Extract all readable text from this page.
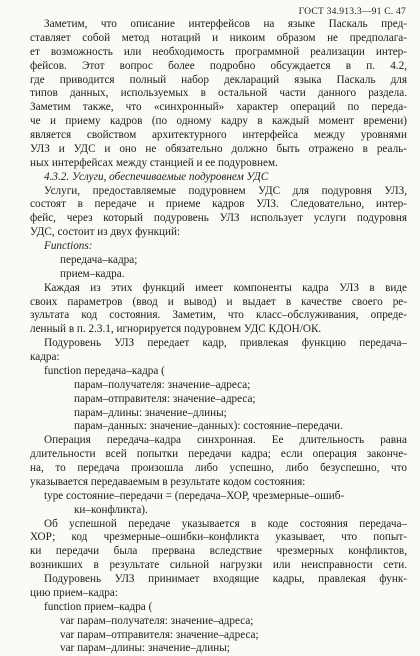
ГОСТ 34.913.3—91 С. 47
Заметим, что описание интерфейсов на языке Паскаль пред-
ставляет собой метод нотаций и никоим образом не предполага-
ет возможность или необходимость программной реализации интер-
фейсов. Этот вопрос более подробно обсуждается в п. 4.2,
где приводится полный набор деклараций языка Паскаль для
типов данных, используемых в остальной части данного раздела.
Заметим также, что «синхронный» характер операций по переда-
че и приему кадров (по одному кадру в каждый момент времени)
является свойством архитектурного интерфейса между уровнями
УЛЗ и УДС и оно не обязательно должно быть отражено в реаль-
ных интерфейсах между станцией и ее подуровнем.
4.3.2. Услуги, обеспечиваемые подуровнем УДС
Услуги, предоставляемые подуровнем УДС для подуровня УЛЗ,
состоят в передаче и приеме кадров УЛЗ. Следовательно, интер-
фейс, через который подуровень УЛЗ использует услуги подуровня
УДС, состоит из двух функций:
Functions:
передача–кадра;
прием–кадра.
Каждая из этих функций имеет компоненты кадра УЛЗ в виде
своих параметров (ввод и вывод) и выдает в качестве своего ре-
зультата код состояния. Заметим, что класс–обслуживания, опреде-
ленный в п. 2.3.1, игнорируется подуровнем УДС КДОН/ОК.
Подуровень УЛЗ передает кадр, привлекая функцию передача–
кадра:
function передача–кадра (
парам–получателя: значение–адреса;
парам–отправителя: значение–адреса;
парам–длины: значение–длины;
парам–данных: значение–данных): состояние–передачи.
Операция передача–кадра синхронная. Ее длительность равна
длительности всей попытки передачи кадра; если операция законче-
на, то передача произошла либо успешно, либо безуспешно, что
указывается передаваемым в результате кодом состояния:
type состояние–передачи = (передача–ХОР, чрезмерные–ошиб-
ки–конфликта).
Об успешной передаче указывается в коде состояния передача–
ХОР; код чрезмерные–ошибки–конфликта указывает, что попыт-
ки передачи была прервана вследствие чрезмерных конфликтов,
возникших в результате сильной нагрузки или неисправности сети.
Подуровень УЛЗ принимает входящие кадры, правлекая функ-
цию прием–кадра:
function прием–кадра (
var парам–получателя: значение–адреса;
var парам–отправителя: значение–адреса;
var парам–длины: значение–длины;
